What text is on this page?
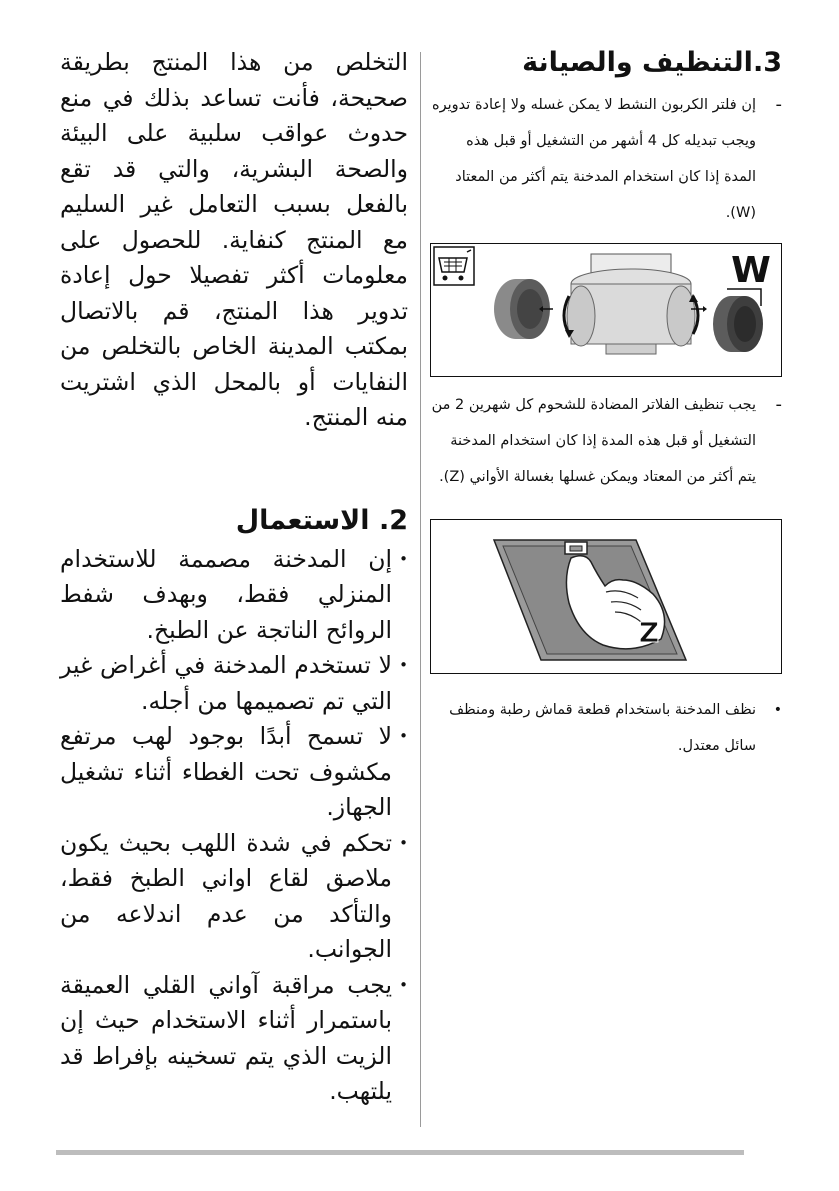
3.التنظيف والصيانة
-
إن فلتر الكربون النشط لا يمكن غسله ولا إعادة تدويره ويجب تبديله كل 4 أشهر من التشغيل أو قبل هذه المدة إذا كان استخدام المدخنة يتم أكثر من المعتاد (W).
W
-
يجب تنظيف الفلاتر المضادة للشحوم كل شهرين 2 من التشغيل أو قبل هذه المدة إذا كان استخدام المدخنة يتم أكثر من المعتاد ويمكن غسلها بغسالة الأواني (Z).
Z
•
نظف المدخنة باستخدام قطعة قماش رطبة ومنظف سائل معتدل.

التخلص من هذا المنتج بطريقة صحيحة، فأنت تساعد بذلك في منع حدوث عواقب سلبية على البيئة والصحة البشرية، والتي قد تقع بالفعل بسبب التعامل غير السليم مع المنتج كنفاية. للحصول على معلومات أكثر تفصيلا حول إعادة تدوير هذا المنتج، قم بالاتصال بمكتب المدينة الخاص بالتخلص من النفايات أو بالمحل الذي اشتريت منه المنتج.

2. الاستعمال
•
إن المدخنة مصممة للاستخدام المنزلي فقط، وبهدف شفط الروائح الناتجة عن الطبخ.
•
لا تستخدم المدخنة في أغراض غير التي تم تصميمها من أجله.
•
لا تسمح أبدًا بوجود لهب مرتفع مكشوف تحت الغطاء أثناء تشغيل الجهاز.
•
تحكم في شدة اللهب بحيث يكون ملاصق لقاع اواني الطبخ فقط، والتأكد من عدم اندلاعه من الجوانب.
•
يجب مراقبة آواني القلي العميقة باستمرار أثناء الاستخدام حيث إن الزيت الذي يتم تسخينه بإفراط قد يلتهب.
